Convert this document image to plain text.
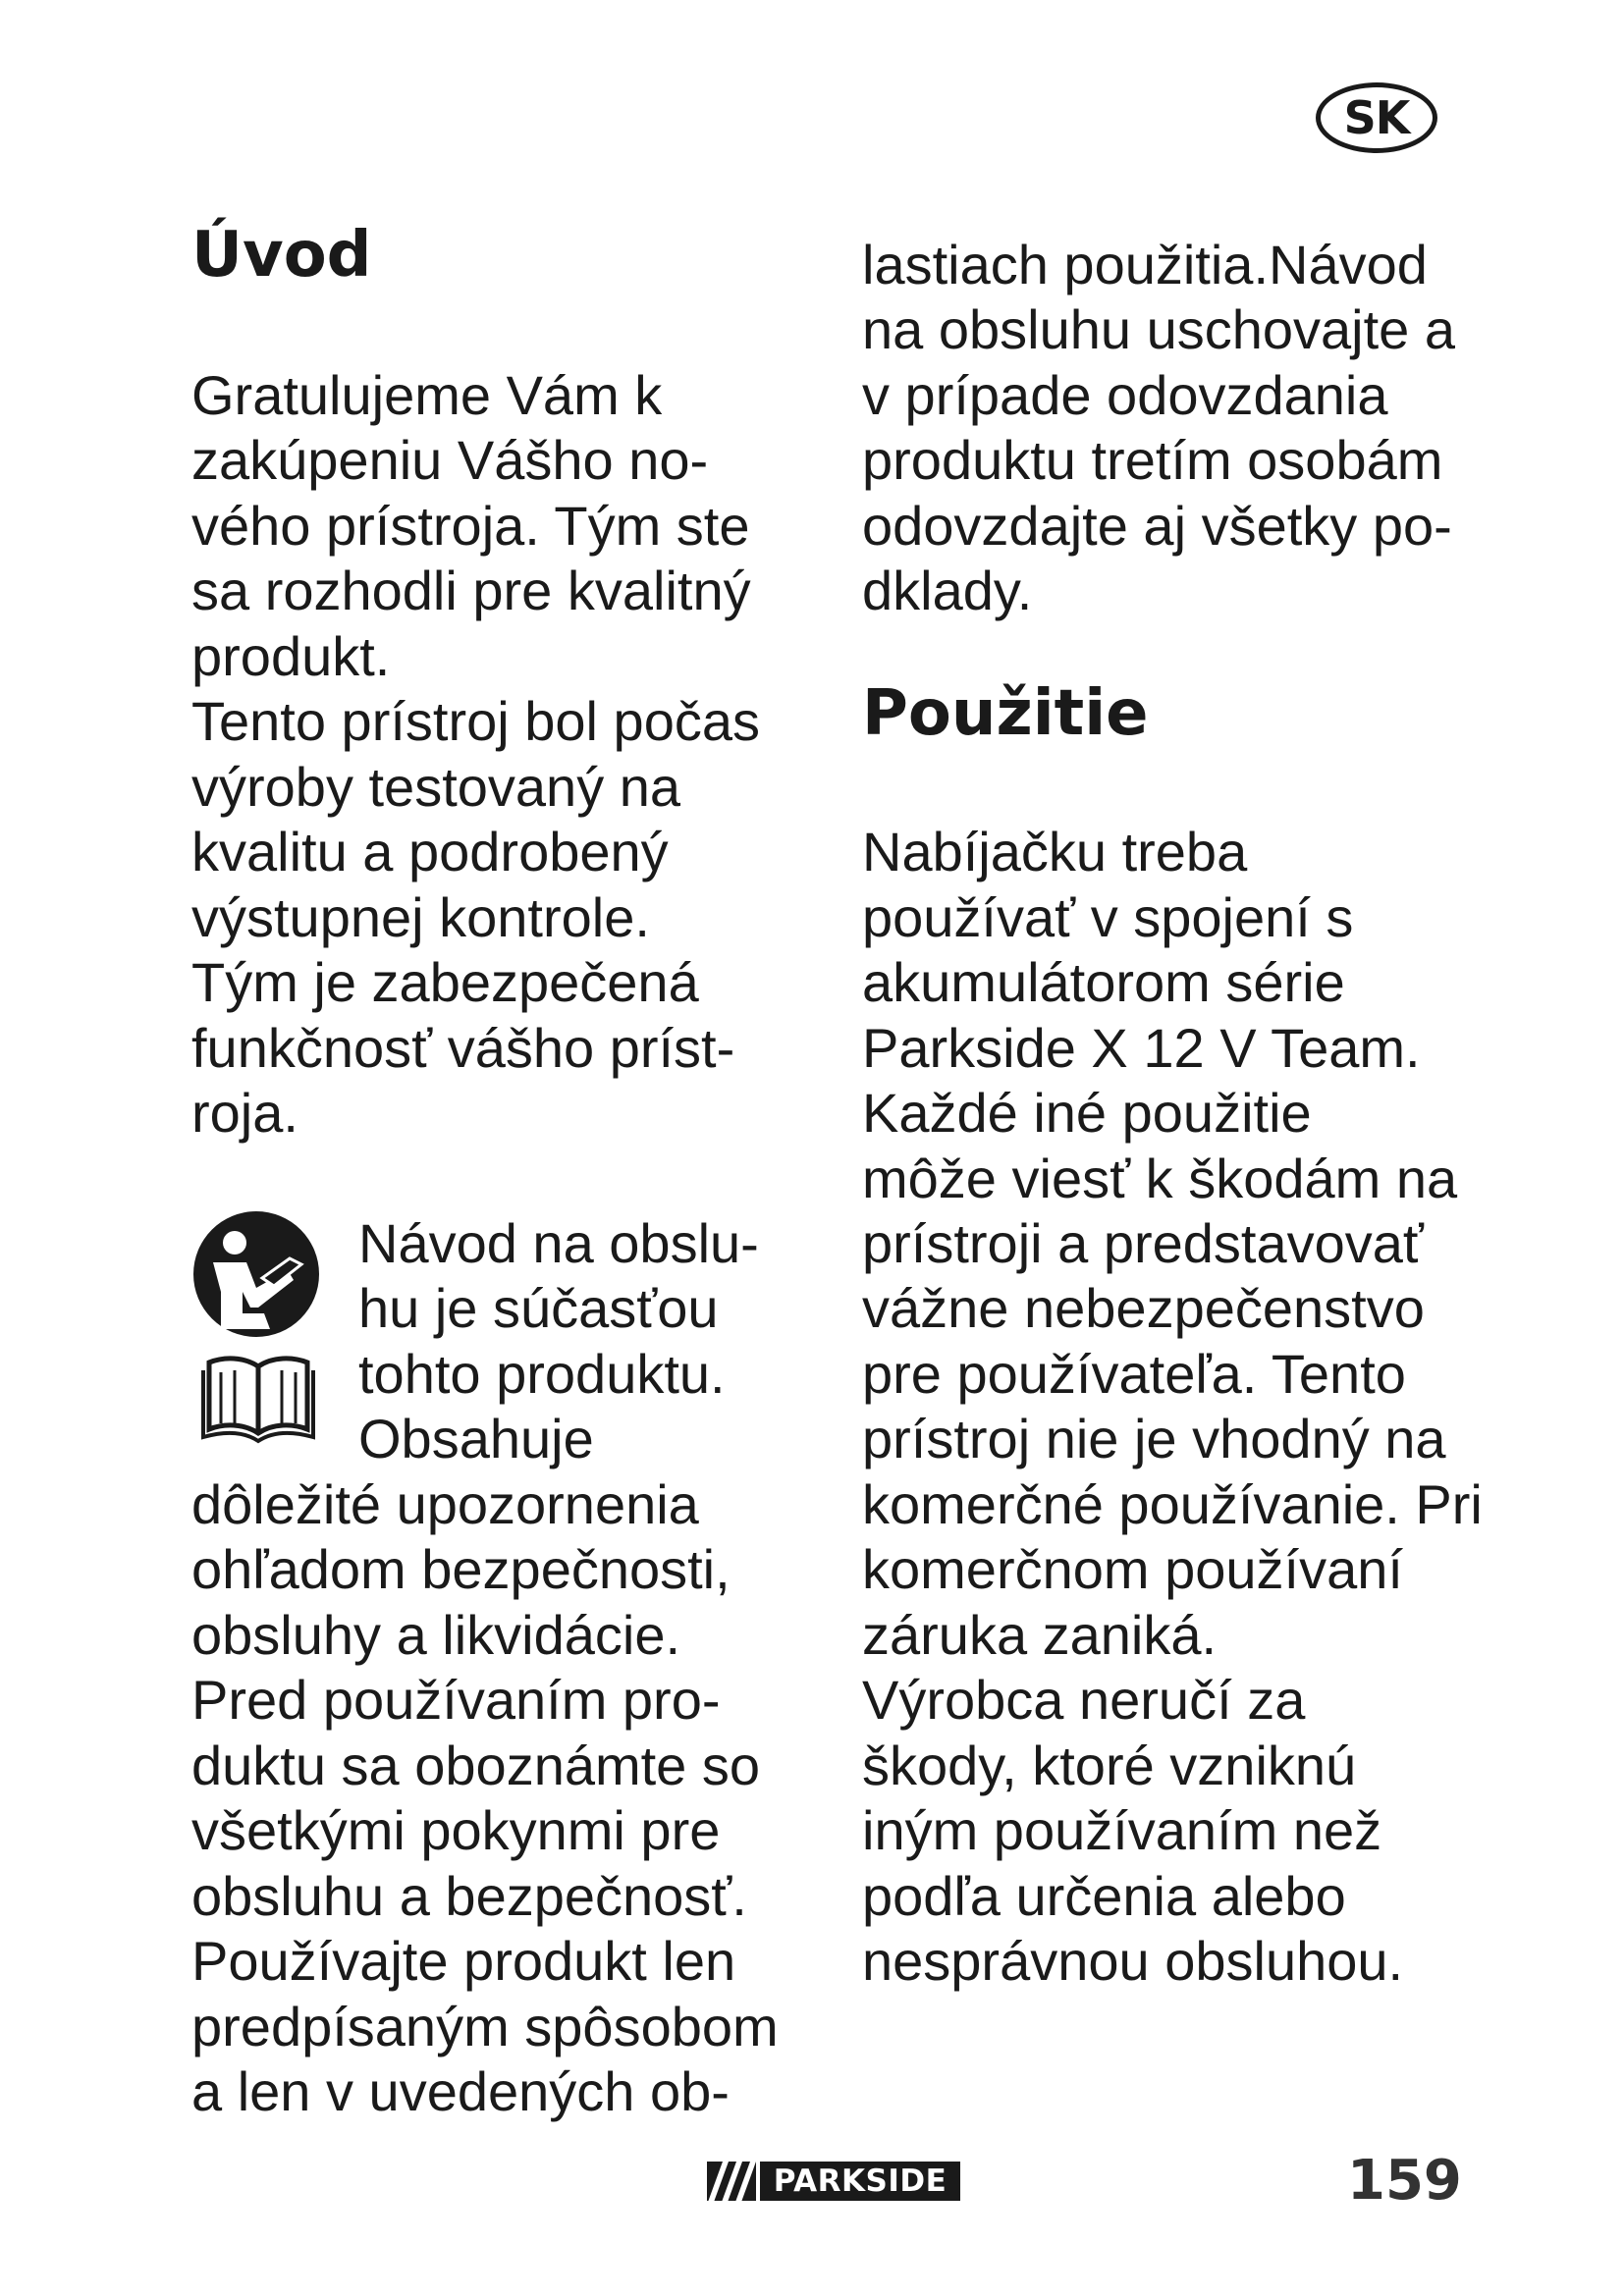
SK
Úvod
Gratulujeme Vám k
zakúpeniu Vášho no-
vého prístroja. Tým ste
sa rozhodli pre kvalitný
produkt.
Tento prístroj bol počas
výroby testovaný na
kvalitu a podrobený
výstupnej kontrole.
Tým je zabezpečená
funkčnosť vášho príst-
roja.
Návod na obslu-
hu je súčasťou
tohto produktu.
Obsahuje
dôležité upozornenia
ohľadom bezpečnosti,
obsluhy a likvidácie.
Pred používaním pro-
duktu sa oboznámte so
všetkými pokynmi pre
obsluhu a bezpečnosť.
Používajte produkt len
predpísaným spôsobom
a len v uvedených ob-
lastiach použitia.Návod
na obsluhu uschovajte a
v prípade odovzdania
produktu tretím osobám
odovzdajte aj všetky po-
dklady.
Použitie
Nabíjačku treba
používať v spojení s
akumulátorom série
Parkside X 12 V Team.
Každé iné použitie
môže viesť k škodám na
prístroji a predstavovať
vážne nebezpečenstvo
pre používateľa. Tento
prístroj nie je vhodný na
komerčné používanie. Pri
komerčnom používaní
záruka zaniká.
Výrobca neručí za
škody, ktoré vzniknú
iným používaním než
podľa určenia alebo
nesprávnou obsluhou.
PARKSIDE	159
